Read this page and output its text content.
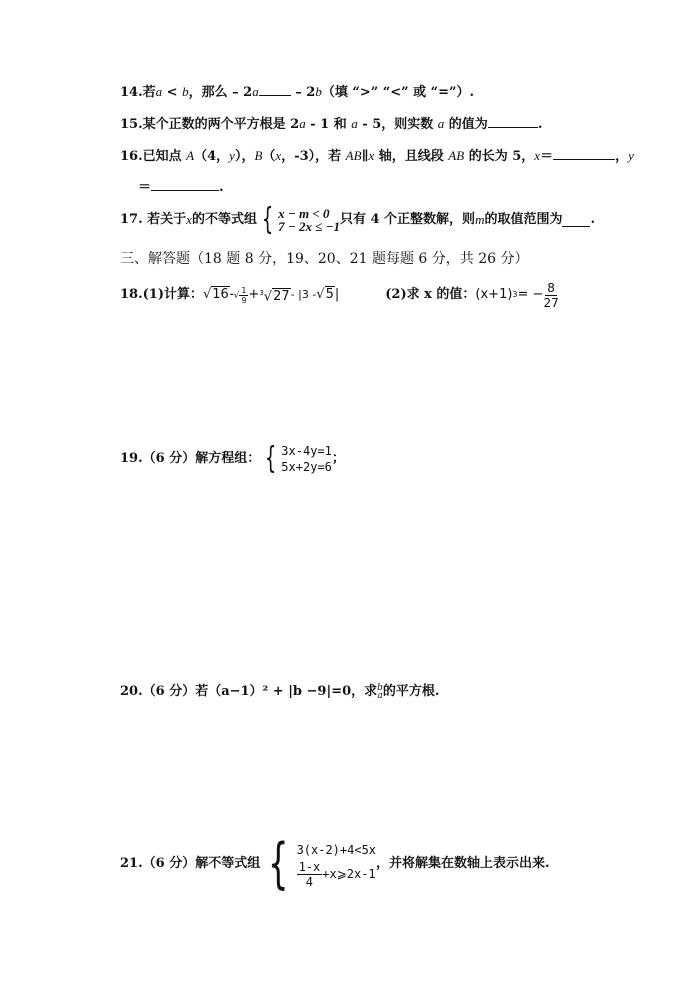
14.若a < b，那么 – 2a – 2b（填 “>” “<” 或 “=”）.
15.某个正数的两个平方根是 2a - 1 和 a - 5，则实数 a 的值为	.
16.已知点 A（4，y），B（x，-3），若 AB∥x 轴，且线段 AB 的长为 5，x＝	，y
＝	.
17.
若关于 x 的不等式组 { x − m < 0
7 − 2x ≤ −1 只有 4 个正整数解，则 m 的取值范围为 .
三、解答题（18 题 8 分，19、20、21 题每题 6 分，共 26 分）
18. (1)计算： √16 - √ $\frac{1}{9} + ^3√27 - |3 - √5$ |	(2)求 x 的值： (x+1) 3 = − $\frac{8}{27}$
19. （6 分）解方程组： { 3x-4y=1
5x+2y=6
；
20. （6 分）若（a−1）² + |b −9|=0，求 b
a 的平方根.
21. （6 分）解不等式组 { 3(x-2)+4<5x
$\frac{1-x}{4}$ +x⩾2x-1
，并将解集在数轴上表示出来.
